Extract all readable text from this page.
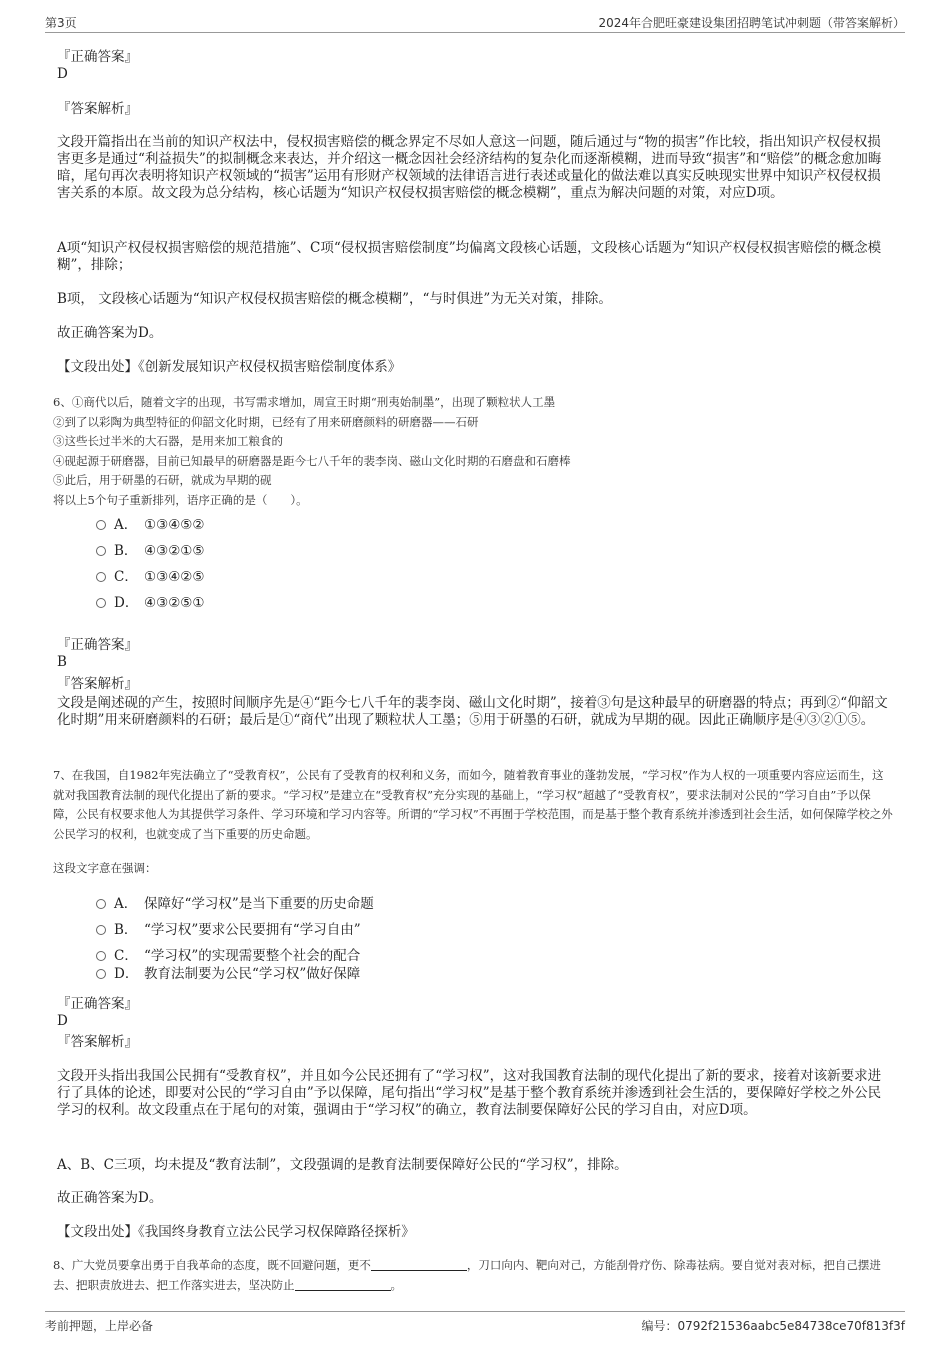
第3页	2024年合肥旺豪建设集团招聘笔试冲刺题（带答案解析）
『正确答案』
D
『答案解析』
文段开篇指出在当前的知识产权法中，侵权损害赔偿的概念界定不尽如人意这一问题，随后通过与“物的损害”作比较，指出知识产权侵权损害更多是通过“利益损失”的拟制概念来表达，并介绍这一概念因社会经济结构的复杂化而逐渐模糊，进而导致“损害”和“赔偿”的概念愈加晦暗，尾句再次表明将知识产权领域的“损害”运用有形财产权领域的法律语言进行表述或量化的做法难以真实反映现实世界中知识产权侵权损害关系的本原。故文段为总分结构，核心话题为“知识产权侵权损害赔偿的概念模糊”，重点为解决问题的对策，对应D项。
A项“知识产权侵权损害赔偿的规范措施”、C项“侵权损害赔偿制度”均偏离文段核心话题，文段核心话题为“知识产权侵权损害赔偿的概念模糊”，排除；
B项， 文段核心话题为“知识产权侵权损害赔偿的概念模糊”，“与时俱进”为无关对策，排除。
故正确答案为D。
【文段出处】《创新发展知识产权侵权损害赔偿制度体系》

6、①商代以后，随着文字的出现，书写需求增加，周宣王时期“刑夷始制墨”，出现了颗粒状人工墨

②到了以彩陶为典型特征的仰韶文化时期，已经有了用来研磨颜料的研磨器——石研

③这些长过半米的大石器，是用来加工粮食的

④砚起源于研磨器，目前已知最早的研磨器是距今七八千年的裴李岗、磁山文化时期的石磨盘和石磨棒

⑤此后，用于研墨的石研，就成为早期的砚

将以上5个句子重新排列，语序正确的是（　　）。

A． ①③④⑤②
B． ④③②①⑤
C． ①③④②⑤
D． ④③②⑤①
『正确答案』
B
『答案解析』
文段是阐述砚的产生，按照时间顺序先是④“距今七八千年的裴李岗、磁山文化时期”，接着③句是这种最早的研磨器的特点；再到②“仰韶文化时期”用来研磨颜料的石研；最后是①“商代”出现了颗粒状人工墨；⑤用于研墨的石研，就成为早期的砚。因此正确顺序是④③②①⑤。
7、在我国，自1982年宪法确立了“受教育权”，公民有了受教育的权利和义务，而如今，随着教育事业的蓬勃发展，“学习权”作为人权的一项重要内容应运而生，这就对我国教育法制的现代化提出了新的要求。“学习权”是建立在“受教育权”充分实现的基础上，“学习权”超越了“受教育权”，要求法制对公民的“学习自由”予以保障，公民有权要求他人为其提供学习条件、学习环境和学习内容等。所谓的“学习权”不再囿于学校范围，而是基于整个教育系统并渗透到社会生活，如何保障学校之外公民学习的权利，也就变成了当下重要的历史命题。
这段文字意在强调：
A． 保障好“学习权”是当下重要的历史命题
B． “学习权”要求公民要拥有“学习自由”
C． “学习权”的实现需要整个社会的配合
D． 教育法制要为公民“学习权”做好保障
『正确答案』
D
『答案解析』
文段开头指出我国公民拥有“受教育权”，并且如今公民还拥有了“学习权”，这对我国教育法制的现代化提出了新的要求，接着对该新要求进行了具体的论述，即要对公民的“学习自由”予以保障，尾句指出“学习权”是基于整个教育系统并渗透到社会生活的，要保障好学校之外公民学习的权利。故文段重点在于尾句的对策，强调由于“学习权”的确立，教育法制要保障好公民的学习自由，对应D项。
A、B、C三项，均未提及“教育法制”，文段强调的是教育法制要保障好公民的“学习权”，排除。
故正确答案为D。
【文段出处】《我国终身教育立法公民学习权保障路径探析》
8、广大党员要拿出勇于自我革命的态度，既不回避问题，更不	，刀口向内、靶向对己，方能刮骨疗伤、除毒祛病。要自觉对表对标，把自己摆进去、把职责放进去、把工作落实进去，坚决防止	。
考前押题，上岸必备	编号：0792f21536aabc5e84738ce70f813f3f
